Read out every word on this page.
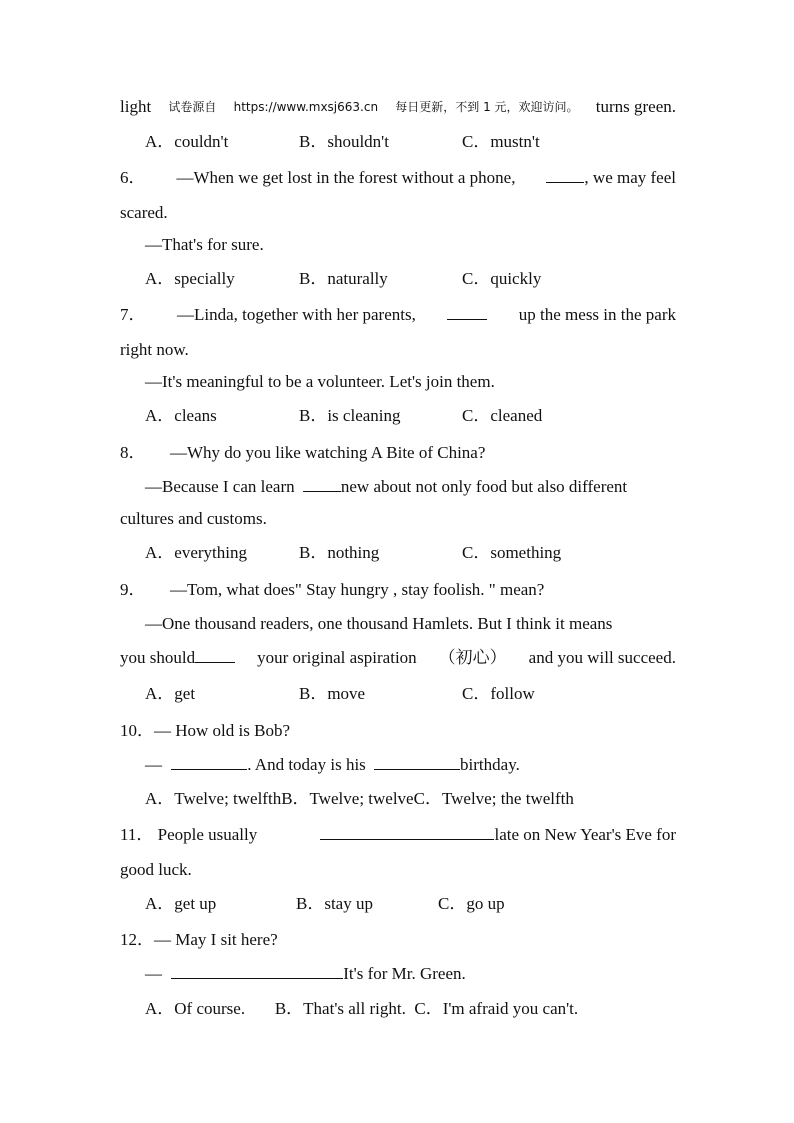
light 试卷源自 https://www.mxsj663.cn 每日更新，不到 1 元，欢迎访问。 turns green.
A．couldn't	B．shouldn't	C．mustn't
6． —When we get lost in the forest without a phone,	, we may feel
scared.
—That's for sure.
A．specially	B．naturally	C．quickly
7． —Linda, together with her parents,	up the mess in the park
right now.
—It's meaningful to be a volunteer. Let's join them.
A．cleans	B．is cleaning	C．cleaned
8． —Why do you like watching A Bite of China?
—Because I can learn	new about not only food but also different
cultures and customs.
A．everything	B．nothing	C．something
9． —Tom, what does" Stay hungry , stay foolish. " mean?
—One thousand readers, one thousand Hamlets. But I think it means
you should	your original aspiration （初心） and you will succeed.
A．get	B．move	C．follow
10．— How old is Bob?
—	. And today is his	birthday.
A．Twelve; twelfthB．Twelve; twelveC．Twelve; the twelfth
11． People usually	late on New Year's Eve for
good luck.
A．get up	B．stay up	C．go up
12．— May I sit here?
—	It's for Mr. Green.
A．Of course.       B．That's all right.  C．I'm afraid you can't.
